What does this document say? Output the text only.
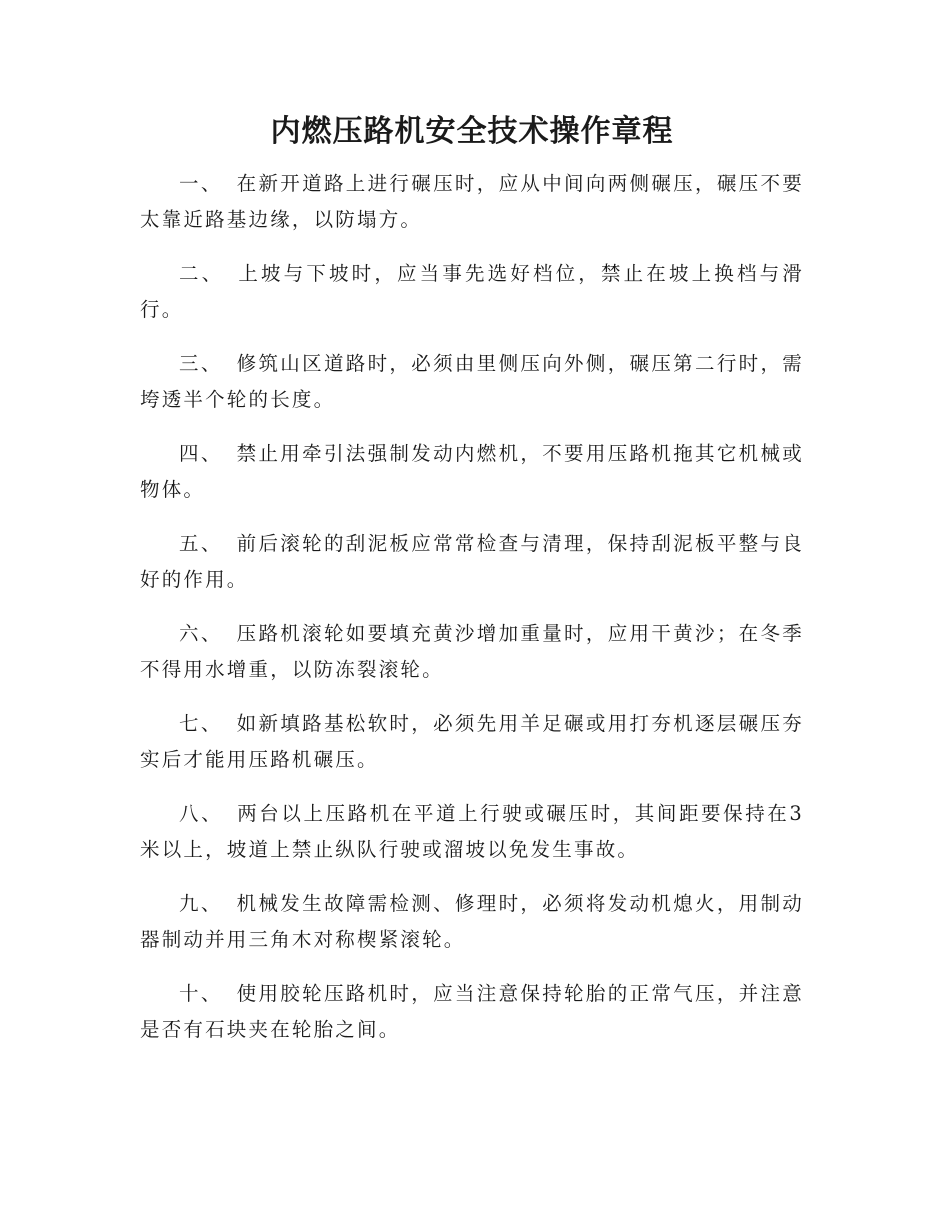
内燃压路机安全技术操作章程

一、 在新开道路上进行碾压时，应从中间向两侧碾压，碾压不要太靠近路基边缘，以防塌方。

二、 上坡与下坡时，应当事先选好档位，禁止在坡上换档与滑行。

三、 修筑山区道路时，必须由里侧压向外侧，碾压第二行时，需垮透半个轮的长度。

四、 禁止用牵引法强制发动内燃机，不要用压路机拖其它机械或物体。

五、 前后滚轮的刮泥板应常常检查与清理，保持刮泥板平整与良好的作用。

六、 压路机滚轮如要填充黄沙增加重量时，应用干黄沙；在冬季不得用水增重，以防冻裂滚轮。

七、 如新填路基松软时，必须先用羊足碾或用打夯机逐层碾压夯实后才能用压路机碾压。

八、 两台以上压路机在平道上行驶或碾压时，其间距要保持在3米以上，坡道上禁止纵队行驶或溜坡以免发生事故。

九、 机械发生故障需检测、修理时，必须将发动机熄火，用制动器制动并用三角木对称楔紧滚轮。

十、 使用胶轮压路机时，应当注意保持轮胎的正常气压，并注意是否有石块夹在轮胎之间。
